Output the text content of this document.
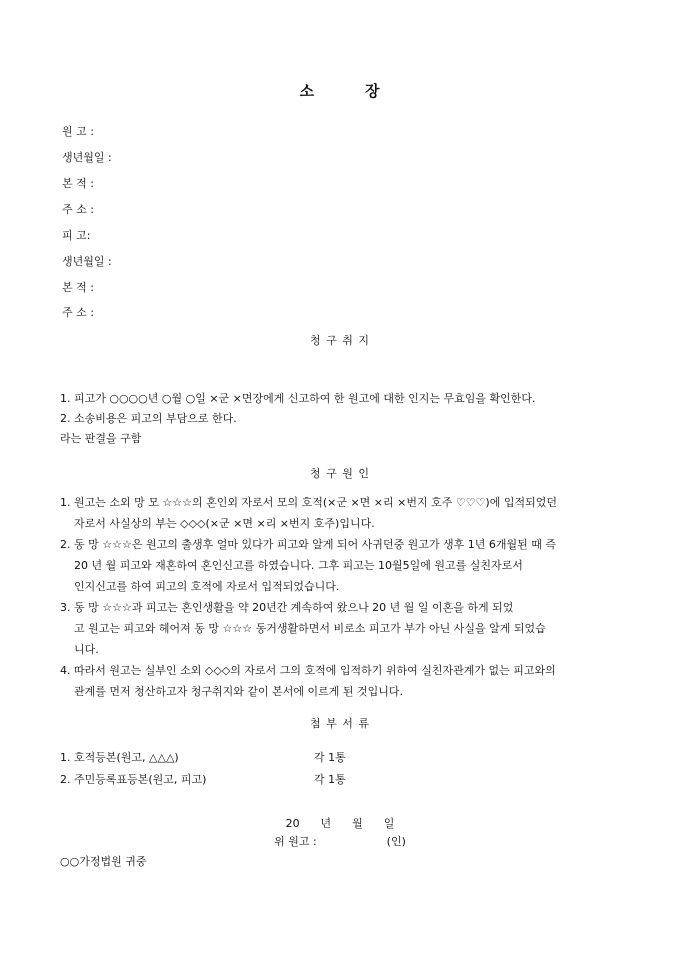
소	장
원 고 :
생년월일 :
본 적 :
주 소 :
피 고:
생년월일 :
본 적 :
주 소 :
청 구 취 지
1. 피고가 ○○○○년 ○월 ○일 ×군 ×면장에게 신고하여 한 원고에 대한 인지는 무효임을 확인한다.
2. 소송비용은 피고의 부담으로 한다.
라는 판결을 구함
청 구 원 인
1. 원고는 소외 망 모 ☆☆☆의 혼인외 자로서 모의 호적(×군 ×면 ×리 ×번지 호주 ♡♡♡)에 입적되었던
자로서 사실상의 부는 ◇◇◇(×군 ×면 ×리 ×번지 호주)입니다.
2. 동 망 ☆☆☆은 원고의 출생후 얼마 있다가 피고와 알게 되어 사귀던중 원고가 생후 1년 6개월된 때 즉
20 년 월 피고와 재혼하여 혼인신고를 하였습니다. 그후 피고는 10월5일에 원고를 실친자로서
인지신고를 하여 피고의 호적에 자로서 입적되었습니다.
3. 동 망 ☆☆☆과 피고는 혼인생활을 약 20년간 계속하여 왔으나 20 년 월 일 이혼을 하게 되었
고 원고는 피고와 헤어져 동 망 ☆☆☆ 동거생활하면서 비로소 피고가 부가 아닌 사실을 알게 되었습
니다.
4. 따라서 원고는 실부인 소외 ◇◇◇의 자로서 그의 호적에 입적하기 위하여 실친자관계가 없는 피고와의
관계를 먼저 청산하고자 청구취지와 같이 본서에 이르게 된 것입니다.
첨 부 서 류
1. 호적등본(원고, △△△)	각 1통
2. 주민등록표등본(원고, 피고)	각 1통
20      년      월      일
위 원고 :                    (인)
○○가정법원 귀중
